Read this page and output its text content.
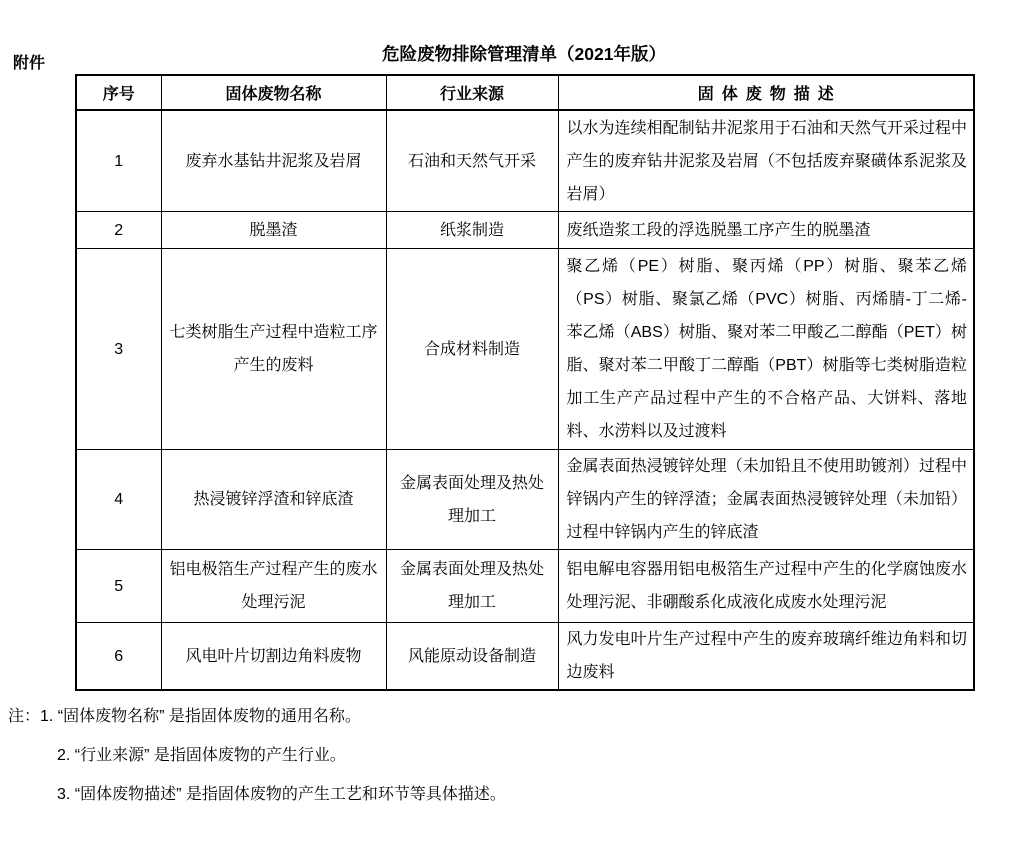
附件	危险废物排除管理清单（2021年版）
序号	固体废物名称	行业来源	固体废物描述
1	废弃水基钻井泥浆及岩屑	石油和天然气开采	以水为连续相配制钻井泥浆用于石油和天然气开采过程中产生的废弃钻井泥浆及岩屑（不包括废弃聚磺体系泥浆及岩屑）
2	脱墨渣	纸浆制造	废纸造浆工段的浮选脱墨工序产生的脱墨渣
3	七类树脂生产过程中造粒工序产生的废料	合成材料制造	聚乙烯（PE）树脂、聚丙烯（PP）树脂、聚苯乙烯（PS）树脂、聚氯乙烯（PVC）树脂、丙烯腈-丁二烯-苯乙烯（ABS）树脂、聚对苯二甲酸乙二醇酯（PET）树脂、聚对苯二甲酸丁二醇酯（PBT）树脂等七类树脂造粒加工生产产品过程中产生的不合格产品、大饼料、落地料、水涝料以及过渡料
4	热浸镀锌浮渣和锌底渣	金属表面处理及热处理加工	金属表面热浸镀锌处理（未加铅且不使用助镀剂）过程中锌锅内产生的锌浮渣；金属表面热浸镀锌处理（未加铅）过程中锌锅内产生的锌底渣
5	铝电极箔生产过程产生的废水处理污泥	金属表面处理及热处理加工	铝电解电容器用铝电极箔生产过程中产生的化学腐蚀废水处理污泥、非硼酸系化成液化成废水处理污泥
6	风电叶片切割边角料废物	风能原动设备制造	风力发电叶片生产过程中产生的废弃玻璃纤维边角料和切边废料
注：1. “固体废物名称” 是指固体废物的通用名称。
2. “行业来源” 是指固体废物的产生行业。
3. “固体废物描述” 是指固体废物的产生工艺和环节等具体描述。
